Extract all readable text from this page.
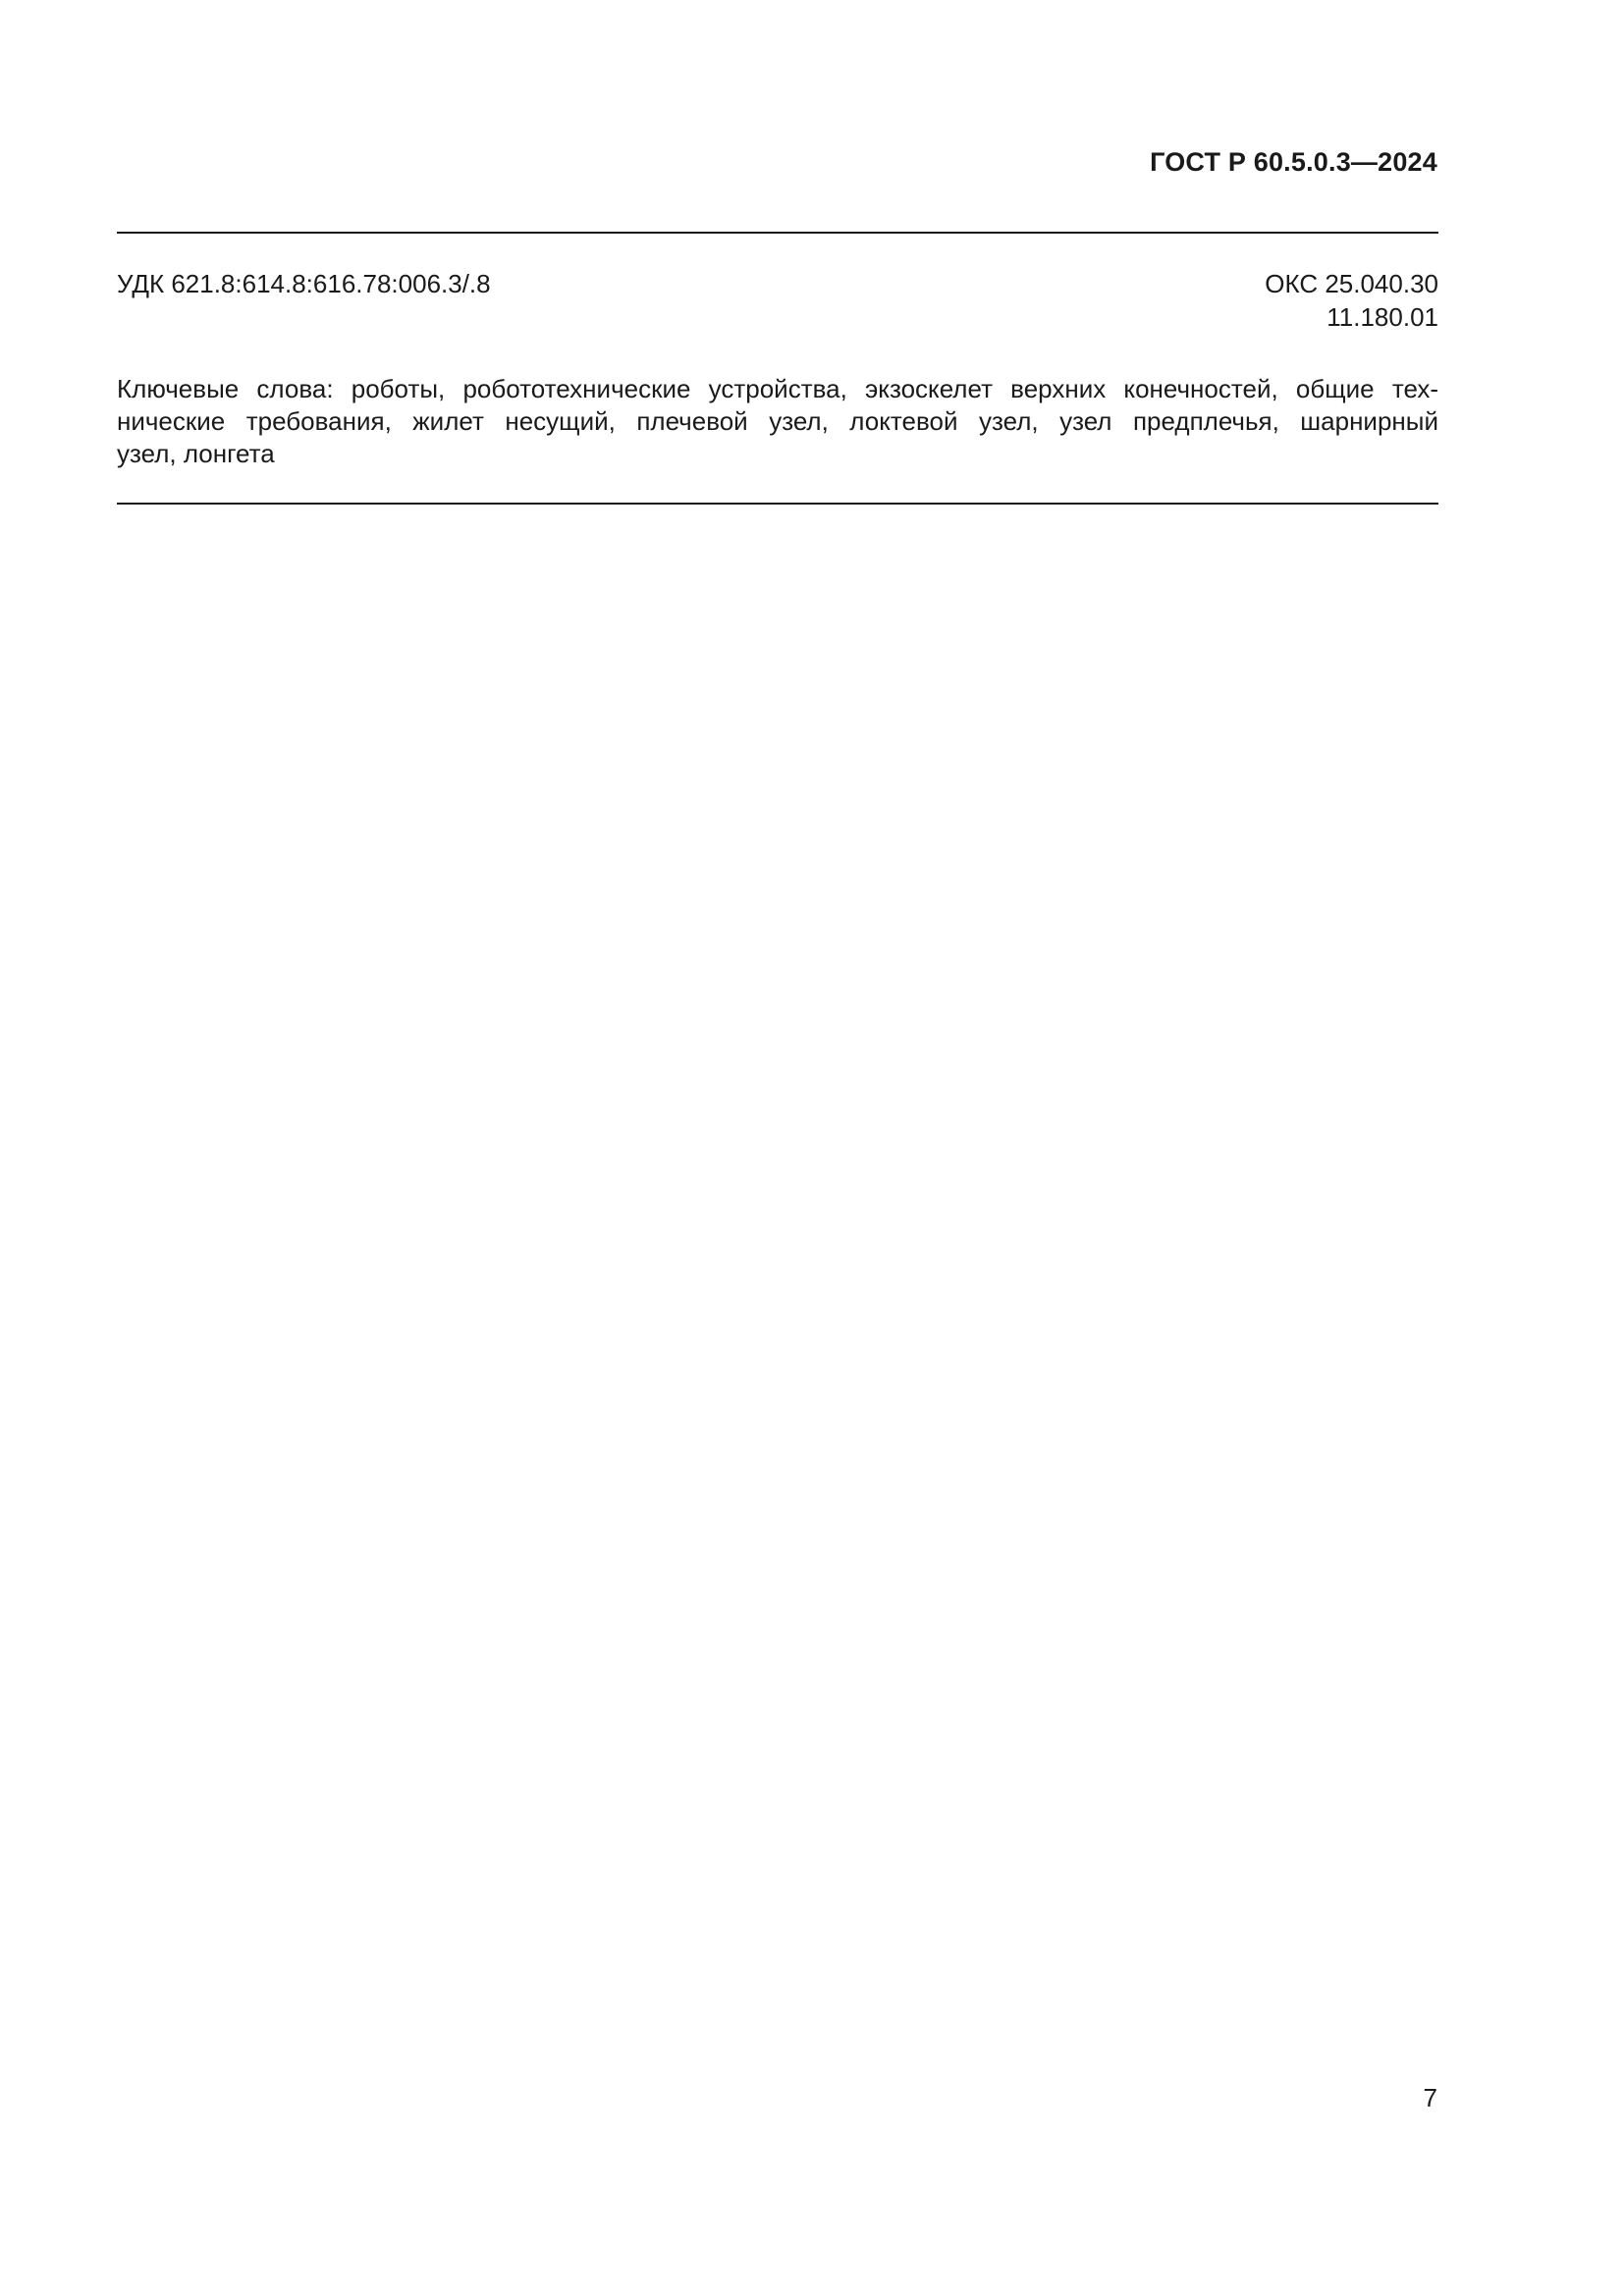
ГОСТ Р 60.5.0.3—2024
УДК 621.8:614.8:616.78:006.3/.8	ОКС 25.040.30
11.180.01
Ключевые слова: роботы, робототехнические устройства, экзоскелет верхних конечностей, общие тех-
нические требования, жилет несущий, плечевой узел, локтевой узел, узел предплечья, шарнирный
узел, лонгета
7
